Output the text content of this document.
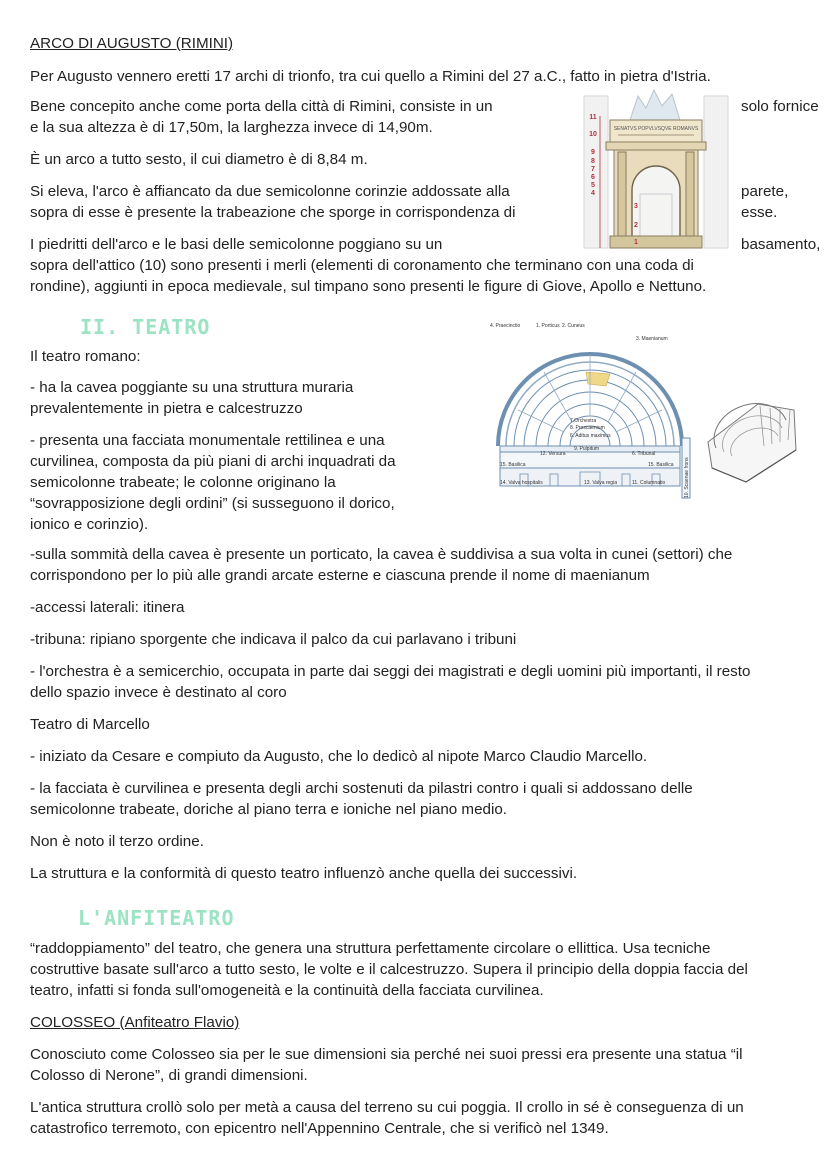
ARCO DI AUGUSTO (RIMINI)

Per Augusto vennero eretti 17 archi di trionfo, tra cui quello a Rimini del 27 a.C., fatto in pietra d'Istria.

Bene concepito anche come porta della città di Rimini, consiste in un	solo fornice

e la sua altezza è di 17,50m, la larghezza invece di 14,90m.

È un arco a tutto sesto, il cui diametro è di 8,84 m.

Si eleva, l'arco è affiancato da due semicolonne corinzie addossate alla	parete,

sopra di esse è presente la trabeazione che sporge in corrispondenza di	esse.

I piedritti dell'arco e le basi delle semicolonne poggiano su un	basamento,

sopra dell'attico (10) sono presenti i merli (elementi di coronamento che terminano con una coda di

rondine), aggiunti in epoca medievale, sul timpano sono presenti le figure di Giove, Apollo e Nettuno.

SENATVS POPVLVSQVE ROMANVS
11
10
9
8
7
6
5
4
3
2
1

II. TEATRO

Il teatro romano:

- ha la cavea poggiante su una struttura muraria

prevalentemente in pietra e calcestruzzo

- presenta una facciata monumentale rettilinea e una

curvilinea, composta da più piani di archi inquadrati da

semicolonne trabeate; le colonne originano la

“sovrapposizione degli ordini” (si susseguono il dorico,

ionico e corinzio).

4. Praecinctio	1. Porticus 2. Cuneus
3. Maenianum
7.Orchestra
8. Proscaenium
6. Aditus maximus
9. Pulpitum
12. Versura	6. Tribunal
15. Basilica	15. Basilica
14. Valva hospitalis	13. Valva regia	11. Columnatio	10. Scaenae frons

-sulla sommità della cavea è presente un porticato, la cavea è suddivisa a sua volta in cunei (settori) che

corrispondono per lo più alle grandi arcate esterne e ciascuna prende il nome di maenianum

-accessi laterali: itinera

-tribuna: ripiano sporgente che indicava il palco da cui parlavano i tribuni

- l'orchestra è a semicerchio, occupata in parte dai seggi dei magistrati e degli uomini più importanti, il resto

dello spazio invece è destinato al coro

Teatro di Marcello

- iniziato da Cesare e compiuto da Augusto, che lo dedicò al nipote Marco Claudio Marcello.

- la facciata è curvilinea e presenta degli archi sostenuti da pilastri contro i quali si addossano delle

semicolonne trabeate, doriche al piano terra e ioniche nel piano medio.

Non è noto il terzo ordine.

La struttura e la conformità di questo teatro influenzò anche quella dei successivi.

L'ANFITEATRO

“raddoppiamento” del teatro, che genera una struttura perfettamente circolare o ellittica. Usa tecniche

costruttive basate sull'arco a tutto sesto, le volte e il calcestruzzo. Supera il principio della doppia faccia del

teatro, infatti si fonda sull'omogeneità e la continuità della facciata curvilinea.

COLOSSEO (Anfiteatro Flavio)

Conosciuto come Colosseo sia per le sue dimensioni sia perché nei suoi pressi era presente una statua “il

Colosso di Nerone”, di grandi dimensioni.

L'antica struttura crollò solo per metà a causa del terreno su cui poggia. Il crollo in sé è conseguenza di un

catastrofico terremoto, con epicentro nell'Appennino Centrale, che si verificò nel 1349.
